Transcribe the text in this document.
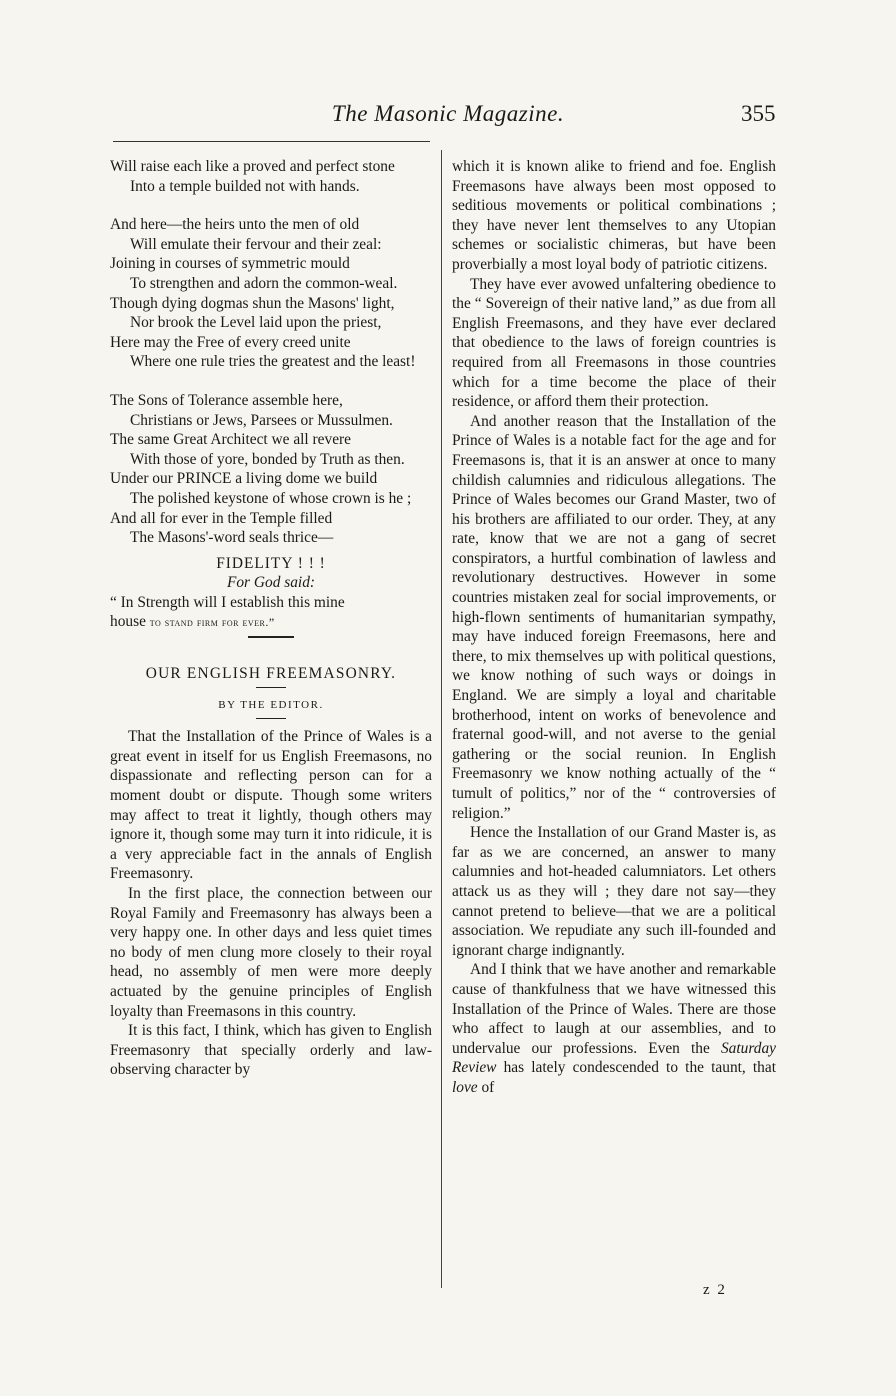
The Masonic Magazine.	355
Will raise each like a proved and perfect stone
Into a temple builded not with hands.
And here—the heirs unto the men of old
Will emulate their fervour and their zeal:
Joining in courses of symmetric mould
To strengthen and adorn the common-weal.
Though dying dogmas shun the Masons' light,
Nor brook the Level laid upon the priest,
Here may the Free of every creed unite
Where one rule tries the greatest and the least!
The Sons of Tolerance assemble here,
Christians or Jews, Parsees or Mussulmen.
The same Great Architect we all revere
With those of yore, bonded by Truth as then.
Under our PRINCE a living dome we build
The polished keystone of whose crown is he ;
And all for ever in the Temple filled
The Masons'-word seals thrice—
FIDELITY ! ! !
For God said:
“ In Strength will I establish this mine
house to stand firm for ever.”
OUR ENGLISH FREEMASONRY.
BY THE EDITOR.

That the Installation of the Prince of Wales is a great event in itself for us English Freemasons, no dispassionate and reflecting person can for a moment doubt or dispute. Though some writers may affect to treat it lightly, though others may ignore it, though some may turn it into ridicule, it is a very appreciable fact in the annals of English Freemasonry.

In the first place, the connection between our Royal Family and Freemasonry has always been a very happy one. In other days and less quiet times no body of men clung more closely to their royal head, no assembly of men were more deeply actuated by the genuine principles of English loyalty than Freemasons in this country.

It is this fact, I think, which has given to English Freemasonry that specially orderly and law-observing character by

which it is known alike to friend and foe. English Freemasons have always been most opposed to seditious movements or political combinations ; they have never lent themselves to any Utopian schemes or socialistic chimeras, but have been proverbially a most loyal body of patriotic citizens.

They have ever avowed unfaltering obedience to the “ Sovereign of their native land,” as due from all English Freemasons, and they have ever declared that obedience to the laws of foreign countries is required from all Freemasons in those countries which for a time become the place of their residence, or afford them their protection.

And another reason that the Installation of the Prince of Wales is a notable fact for the age and for Freemasons is, that it is an answer at once to many childish calumnies and ridiculous allegations. The Prince of Wales becomes our Grand Master, two of his brothers are affiliated to our order. They, at any rate, know that we are not a gang of secret conspirators, a hurtful combination of lawless and revolutionary destructives. However in some countries mistaken zeal for social improvements, or high-flown sentiments of humanitarian sympathy, may have induced foreign Freemasons, here and there, to mix themselves up with political questions, we know nothing of such ways or doings in England. We are simply a loyal and charitable brotherhood, intent on works of benevolence and fraternal good-will, and not averse to the genial gathering or the social reunion. In English Freemasonry we know nothing actually of the “ tumult of politics,” nor of the “ controversies of religion.”

Hence the Installation of our Grand Master is, as far as we are concerned, an answer to many calumnies and hot-headed calumniators. Let others attack us as they will ; they dare not say—they cannot pretend to believe—that we are a political association. We repudiate any such ill-founded and ignorant charge indignantly.

And I think that we have another and remarkable cause of thankfulness that we have witnessed this Installation of the Prince of Wales. There are those who affect to laugh at our assemblies, and to undervalue our professions. Even the Saturday Review has lately condescended to the taunt, that love of

z 2
